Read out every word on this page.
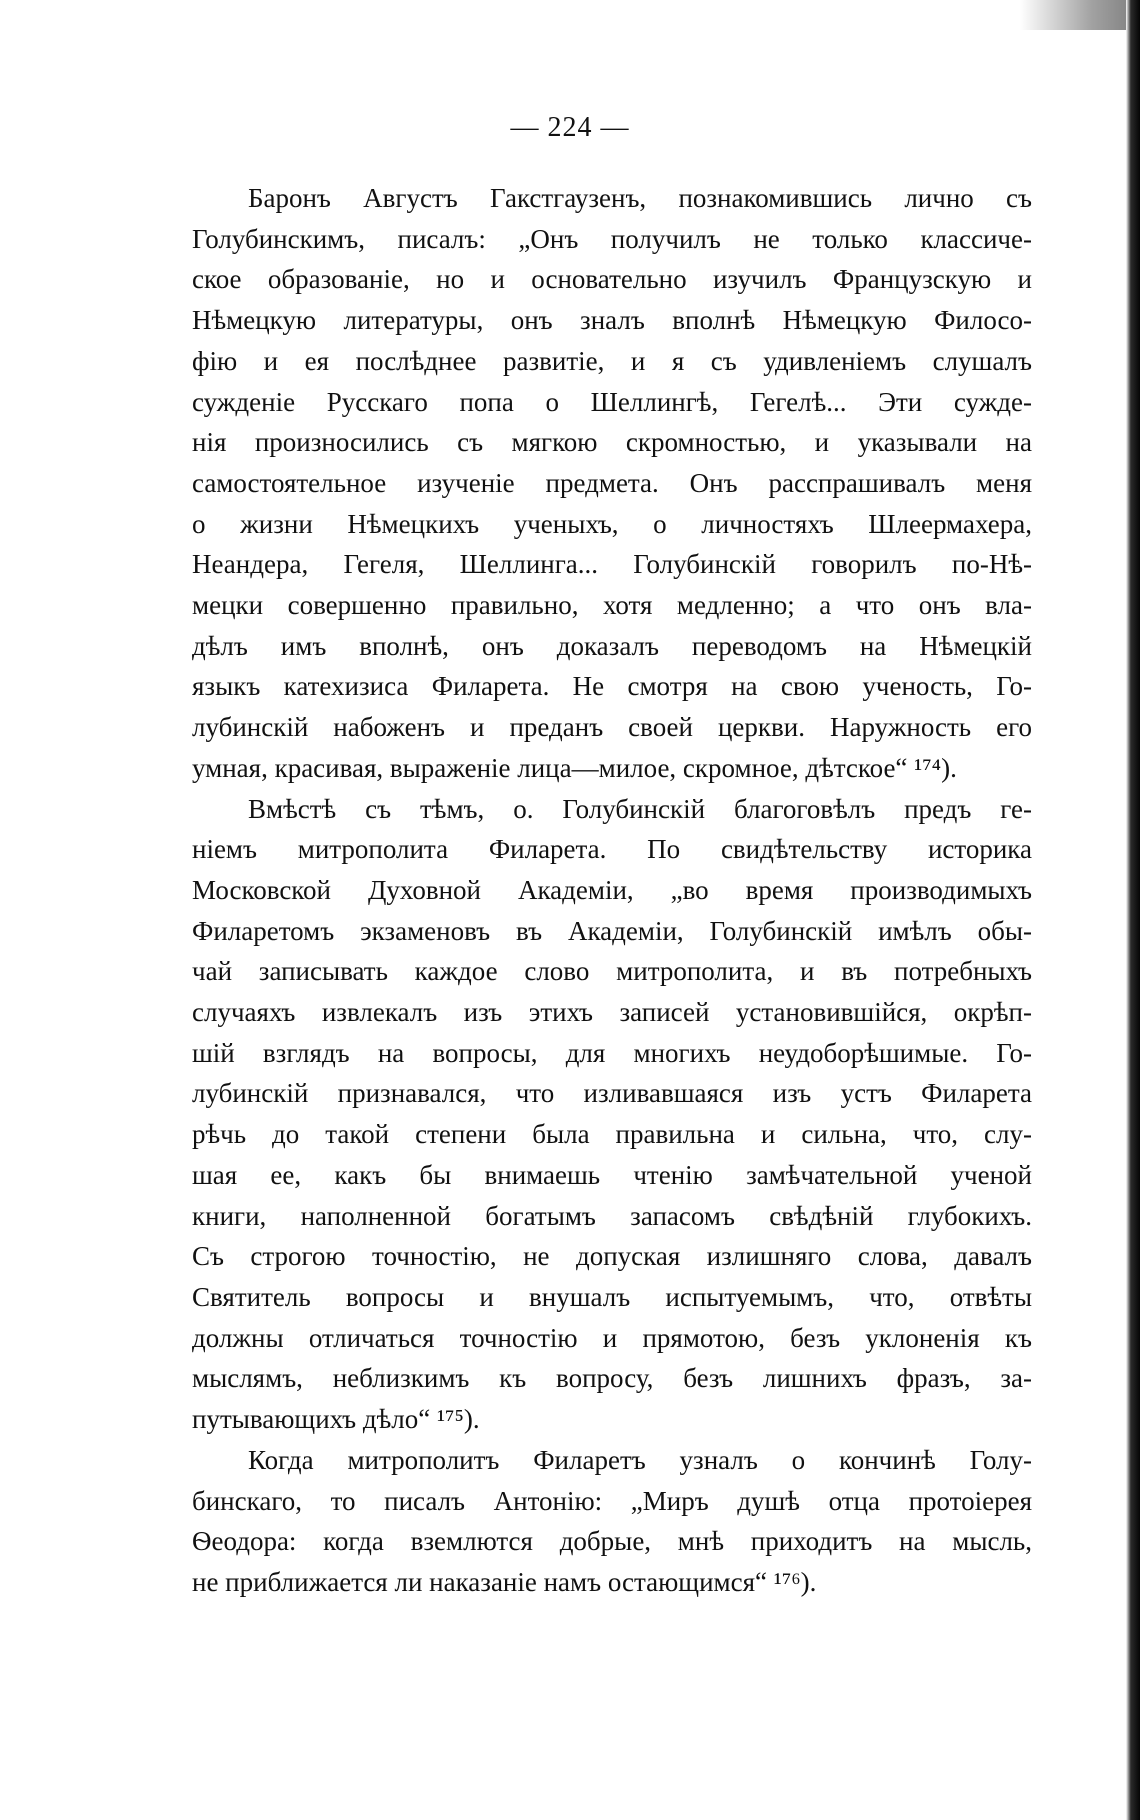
— 224 —

Баронъ Августъ Гакстгаузенъ, познакомившись лично съ
Голубинскимъ, писалъ: „Онъ получилъ не только классиче-
ское образованіе, но и основательно изучилъ Французскую и
Нѣмецкую литературы, онъ зналъ вполнѣ Нѣмецкую Филосо-
фію и ея послѣднее развитіе, и я съ удивленіемъ слушалъ
сужденіе Русскаго попа о Шеллингѣ, Гегелѣ... Эти сужде-
нія произносились съ мягкою скромностью, и указывали на
самостоятельное изученіе предмета. Онъ расспрашивалъ меня
о жизни Нѣмецкихъ ученыхъ, о личностяхъ Шлеермахера,
Неандера, Гегеля, Шеллинга... Голубинскій говорилъ по-Нѣ-
мецки совершенно правильно, хотя медленно; а что онъ вла-
дѣлъ имъ вполнѣ, онъ доказалъ переводомъ на Нѣмецкій
языкъ катехизиса Филарета. Не смотря на свою ученость, Го-
лубинскій набоженъ и преданъ своей церкви. Наружность его
умная, красивая, выраженіе лица—милое, скромное, дѣтское“ ¹⁷⁴).

Вмѣстѣ съ тѣмъ, о. Голубинскій благоговѣлъ предъ ге-
ніемъ митрополита Филарета. По свидѣтельству историка
Московской Духовной Академіи, „во время производимыхъ
Филаретомъ экзаменовъ въ Академіи, Голубинскій имѣлъ обы-
чай записывать каждое слово митрополита, и въ потребныхъ
случаяхъ извлекалъ изъ этихъ записей установившійся, окрѣп-
шій взглядъ на вопросы, для многихъ неудоборѣшимые. Го-
лубинскій признавался, что изливавшаяся изъ устъ Филарета
рѣчь до такой степени была правильна и сильна, что, слу-
шая ее, какъ бы внимаешь чтенію замѣчательной ученой
книги, наполненной богатымъ запасомъ свѣдѣній глубокихъ.
Съ строгою точностію, не допуская излишняго слова, давалъ
Святитель вопросы и внушалъ испытуемымъ, что, отвѣты
должны отличаться точностію и прямотою, безъ уклоненія къ
мыслямъ, неблизкимъ къ вопросу, безъ лишнихъ фразъ, за-
путывающихъ дѣло“ ¹⁷⁵).

Когда митрополитъ Филаретъ узналъ о кончинѣ Голу-
бинскаго, то писалъ Антонію: „Миръ душѣ отца протоіерея
Ѳеодора: когда вземлются добрые, мнѣ приходитъ на мысль,
не приближается ли наказаніе намъ остающимся“ ¹⁷⁶).
